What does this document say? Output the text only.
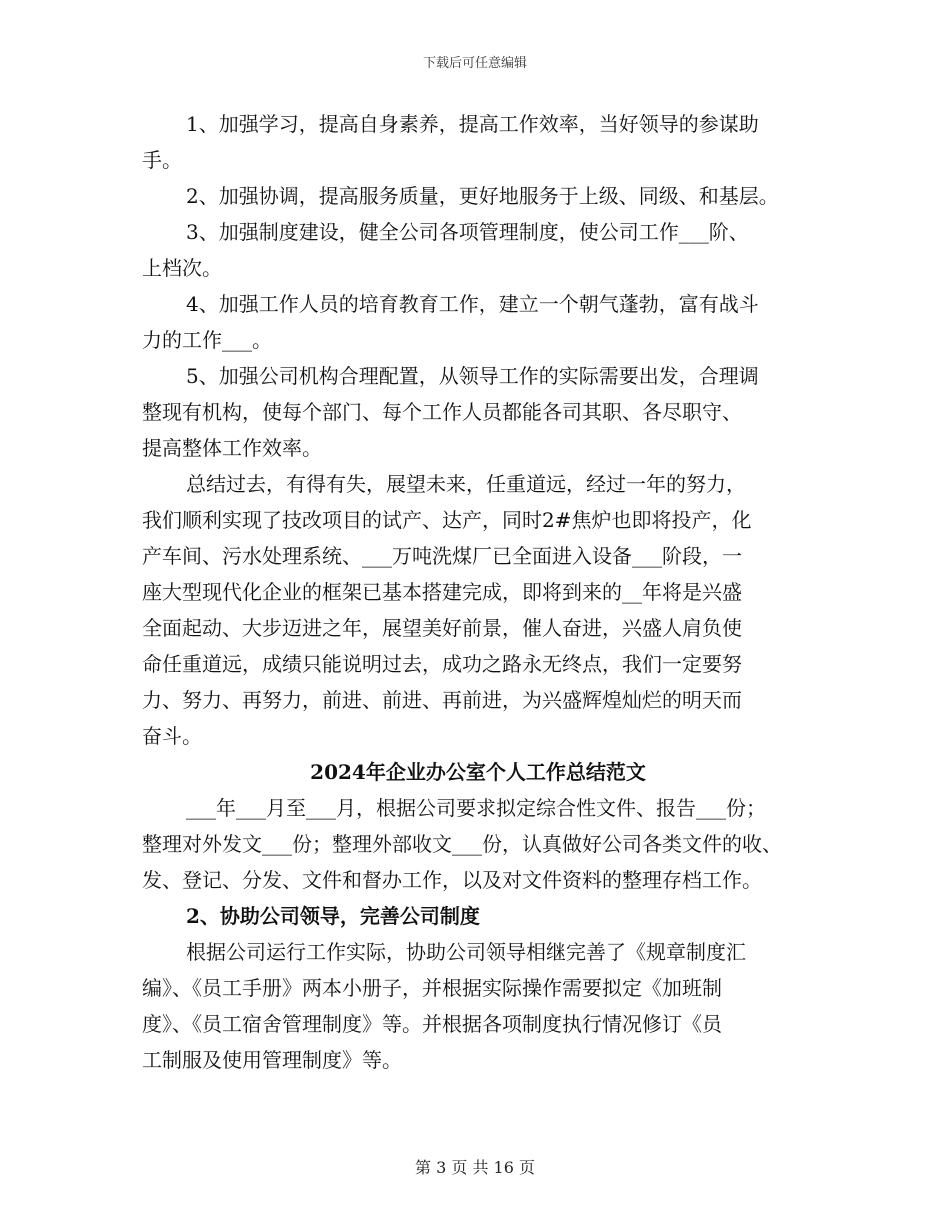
下载后可任意编辑
1、加强学习，提高自身素养，提高工作效率，当好领导的参谋助
手。
2、加强协调，提高服务质量，更好地服务于上级、同级、和基层。
3、加强制度建设，健全公司各项管理制度，使公司工作___阶、
上档次。
4、加强工作人员的培育教育工作，建立一个朝气蓬勃，富有战斗
力的工作___。
5、加强公司机构合理配置，从领导工作的实际需要出发，合理调
整现有机构，使每个部门、每个工作人员都能各司其职、各尽职守、
提高整体工作效率。
总结过去，有得有失，展望未来，任重道远，经过一年的努力，
我们顺利实现了技改项目的试产、达产，同时2#焦炉也即将投产，化
产车间、污水处理系统、___万吨洗煤厂已全面进入设备___阶段，一
座大型现代化企业的框架已基本搭建完成，即将到来的__年将是兴盛
全面起动、大步迈进之年，展望美好前景，催人奋进，兴盛人肩负使
命任重道远，成绩只能说明过去，成功之路永无终点，我们一定要努
力、努力、再努力，前进、前进、再前进，为兴盛辉煌灿烂的明天而
奋斗。
2024年企业办公室个人工作总结范文
___年___月至___月，根据公司要求拟定综合性文件、报告___份；
整理对外发文___份；整理外部收文___份，认真做好公司各类文件的收、
发、登记、分发、文件和督办工作，以及对文件资料的整理存档工作。
2、协助公司领导，完善公司制度
根据公司运行工作实际，协助公司领导相继完善了《规章制度汇
编》、《员工手册》两本小册子，并根据实际操作需要拟定《加班制
度》、《员工宿舍管理制度》等。并根据各项制度执行情况修订《员
工制服及使用管理制度》等。
第 3 页 共 16 页
